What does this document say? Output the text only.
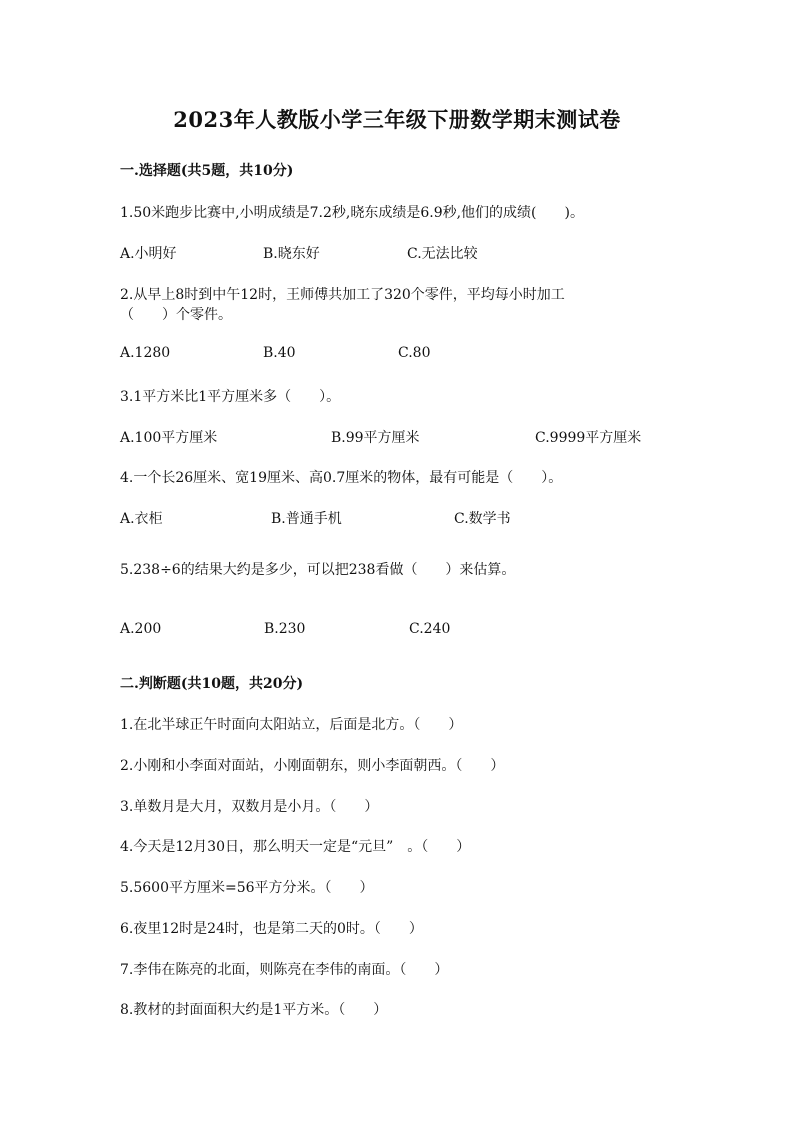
2023年人教版小学三年级下册数学期末测试卷
一.选择题(共5题，共10分)
1.50米跑步比赛中,小明成绩是7.2秒,晓东成绩是6.9秒,他们的成绩(　　)。
A.小明好	B.晓东好	C.无法比较
2.从早上8时到中午12时，王师傅共加工了320个零件，平均每小时加工
（　　）个零件。
A.1280	B.40	C.80
3.1平方米比1平方厘米多（　　）。
A.100平方厘米	B.99平方厘米	C.9999平方厘米
4.一个长26厘米、宽19厘米、高0.7厘米的物体，最有可能是（　　）。
A.衣柜	B.普通手机	C.数学书
5.238÷6的结果大约是多少，可以把238看做（　　）来估算。
A.200	B.230	C.240
二.判断题(共10题，共20分)
1.在北半球正午时面向太阳站立，后面是北方。（　　）
2.小刚和小李面对面站，小刚面朝东，则小李面朝西。（　　）
3.单数月是大月，双数月是小月。（　　）
4.今天是12月30日，那么明天一定是“元旦”　。（　　）
5.5600平方厘米=56平方分米。（　　）
6.夜里12时是24时，也是第二天的0时。（　　）
7.李伟在陈亮的北面，则陈亮在李伟的南面。（　　）
8.教材的封面面积大约是1平方米。（　　）
